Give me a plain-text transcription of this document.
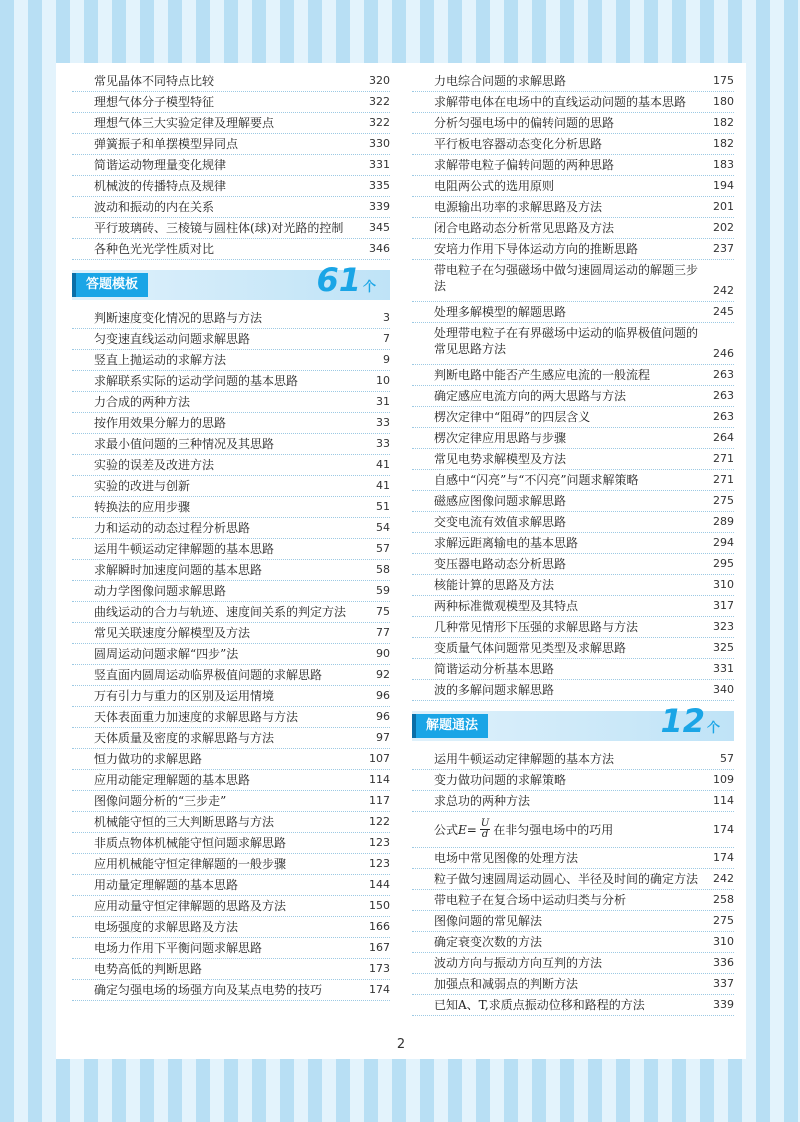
常见晶体不同特点比较	320
理想气体分子模型特征	322
理想气体三大实验定律及理解要点	322
弹簧振子和单摆模型异同点	330
简谐运动物理量变化规律	331
机械波的传播特点及规律	335
波动和振动的内在关系	339
平行玻璃砖、三棱镜与圆柱体(球)对光路的控制	345
各种色光光学性质对比	346
答题模板	61 个
判断速度变化情况的思路与方法	3
匀变速直线运动问题求解思路	7
竖直上抛运动的求解方法	9
求解联系实际的运动学问题的基本思路	10
力合成的两种方法	31
按作用效果分解力的思路	33
求最小值问题的三种情况及其思路	33
实验的误差及改进方法	41
实验的改进与创新	41
转换法的应用步骤	51
力和运动的动态过程分析思路	54
运用牛顿运动定律解题的基本思路	57
求解瞬时加速度问题的基本思路	58
动力学图像问题求解思路	59
曲线运动的合力与轨迹、速度间关系的判定方法	75
常见关联速度分解模型及方法	77
圆周运动问题求解“四步”法	90
竖直面内圆周运动临界极值问题的求解思路	92
万有引力与重力的区别及运用情境	96
天体表面重力加速度的求解思路与方法	96
天体质量及密度的求解思路与方法	97
恒力做功的求解思路	107
应用动能定理解题的基本思路	114
图像问题分析的“三步走”	117
机械能守恒的三大判断思路与方法	122
非质点物体机械能守恒问题求解思路	123
应用机械能守恒定律解题的一般步骤	123
用动量定理解题的基本思路	144
应用动量守恒定律解题的思路及方法	150
电场强度的求解思路及方法	166
电场力作用下平衡问题求解思路	167
电势高低的判断思路	173
确定匀强电场的场强方向及某点电势的技巧	174
力电综合问题的求解思路	175
求解带电体在电场中的直线运动问题的基本思路	180
分析匀强电场中的偏转问题的思路	182
平行板电容器动态变化分析思路	182
求解带电粒子偏转问题的两种思路	183
电阻两公式的选用原则	194
电源输出功率的求解思路及方法	201
闭合电路动态分析常见思路及方法	202
安培力作用下导体运动方向的推断思路	237
带电粒子在匀强磁场中做匀速圆周运动的解题三步法	242
处理多解模型的解题思路	245
处理带电粒子在有界磁场中运动的临界极值问题的常见思路方法	246
判断电路中能否产生感应电流的一般流程	263
确定感应电流方向的两大思路与方法	263
楞次定律中“阻碍”的四层含义	263
楞次定律应用思路与步骤	264
常见电势求解模型及方法	271
自感中“闪亮”与“不闪亮”问题求解策略	271
磁感应图像问题求解思路	275
交变电流有效值求解思路	289
求解远距离输电的基本思路	294
变压器电路动态分析思路	295
核能计算的思路及方法	310
两种标准微观模型及其特点	317
几种常见情形下压强的求解思路与方法	323
变质量气体问题常见类型及求解思路	325
简谐运动分析基本思路	331
波的多解问题求解思路	340
解题通法	12 个
运用牛顿运动定律解题的基本方法	57
变力做功问题的求解策略	109
求总功的两种方法	114
公式 $E = \frac{U}{d}$ 在非匀强电场中的巧用	174
电场中常见图像的处理方法	174
粒子做匀速圆周运动圆心、半径及时间的确定方法	242
带电粒子在复合场中运动归类与分析	258
图像问题的常见解法	275
确定衰变次数的方法	310
波动方向与振动方向互判的方法	336
加强点和减弱点的判断方法	337
已知A、T,求质点振动位移和路程的方法	339
2
